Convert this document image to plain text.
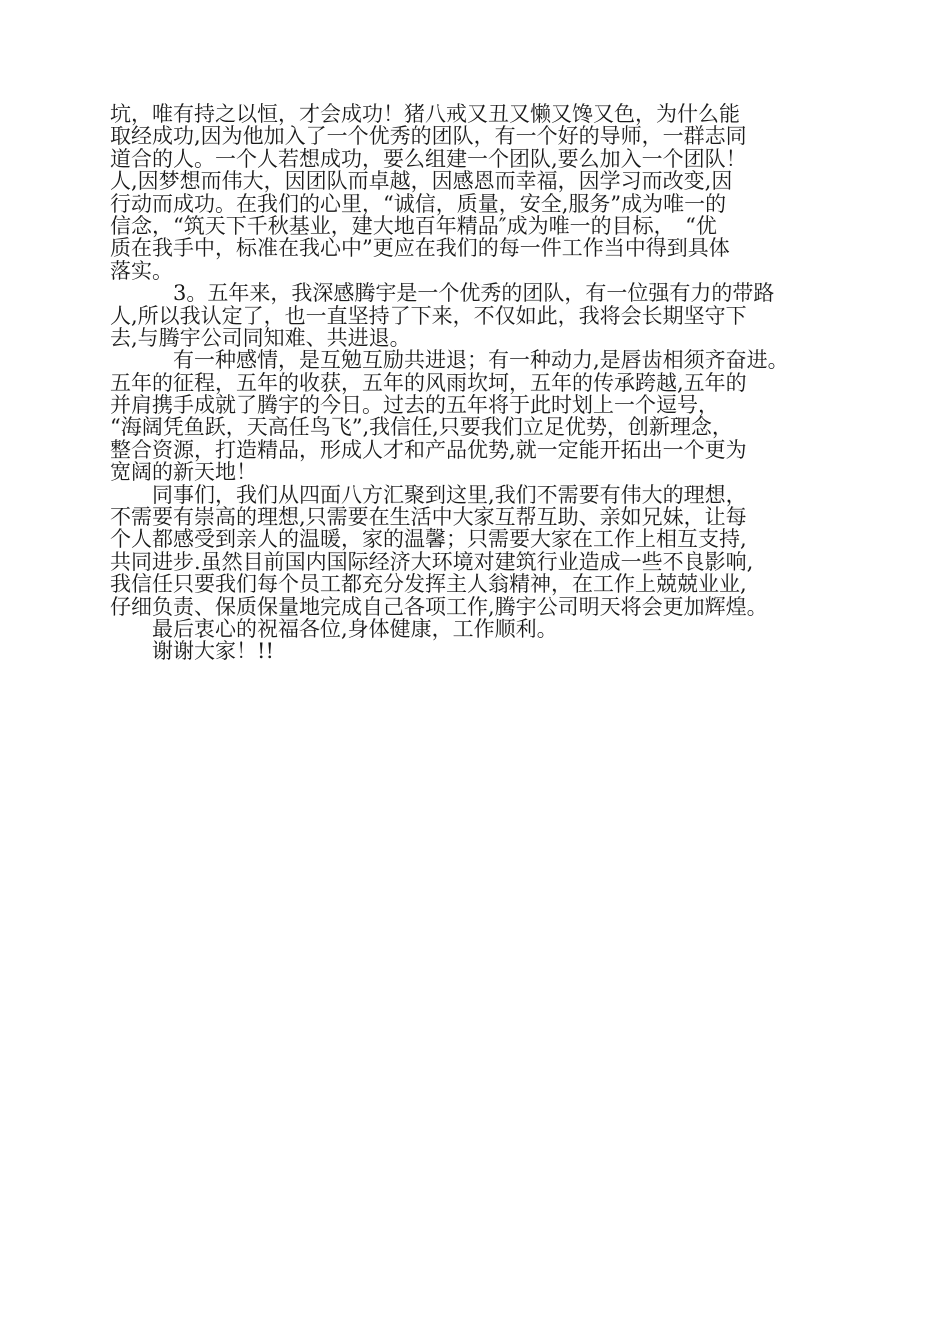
坑，唯有持之以恒，才会成功！猪八戒又丑又懒又馋又色，为什么能
取经成功,因为他加入了一个优秀的团队，有一个好的导师，一群志同
道合的人。一个人若想成功，要么组建一个团队,要么加入一个团队！
人,因梦想而伟大，因团队而卓越，因感恩而幸福，因学习而改变,因
行动而成功。在我们的心里，“诚信，质量，安全,服务”成为唯一的
信念，“筑天下千秋基业，建大地百年精品″成为唯一的目标，　“优
质在我手中，标准在我心中”更应在我们的每一件工作当中得到具体
落实。
　3。五年来，我深感腾宇是一个优秀的团队，有一位强有力的带路
人,所以我认定了，也一直坚持了下来，不仅如此，我将会长期坚守下
去,与腾宇公司同知难、共进退。
　有一种感情，是互勉互励共进退；有一种动力,是唇齿相须齐奋进。
五年的征程，五年的收获，五年的风雨坎坷，五年的传承跨越,五年的
并肩携手成就了腾宇的今日。过去的五年将于此时划上一个逗号，
“海阔凭鱼跃，天高任鸟飞”,我信任,只要我们立足优势，创新理念，
整合资源，打造精品，形成人才和产品优势,就一定能开拓出一个更为
宽阔的新天地！
同事们，我们从四面八方汇聚到这里,我们不需要有伟大的理想，
不需要有崇高的理想,只需要在生活中大家互帮互助、亲如兄妹，让每
个人都感受到亲人的温暖，家的温馨；只需要大家在工作上相互支持,
共同进步.虽然目前国内国际经济大环境对建筑行业造成一些不良影响,
我信任只要我们每个员工都充分发挥主人翁精神，在工作上兢兢业业,
仔细负责、保质保量地完成自己各项工作,腾宇公司明天将会更加辉煌。
最后衷心的祝福各位,身体健康，工作顺利。
谢谢大家！!!
